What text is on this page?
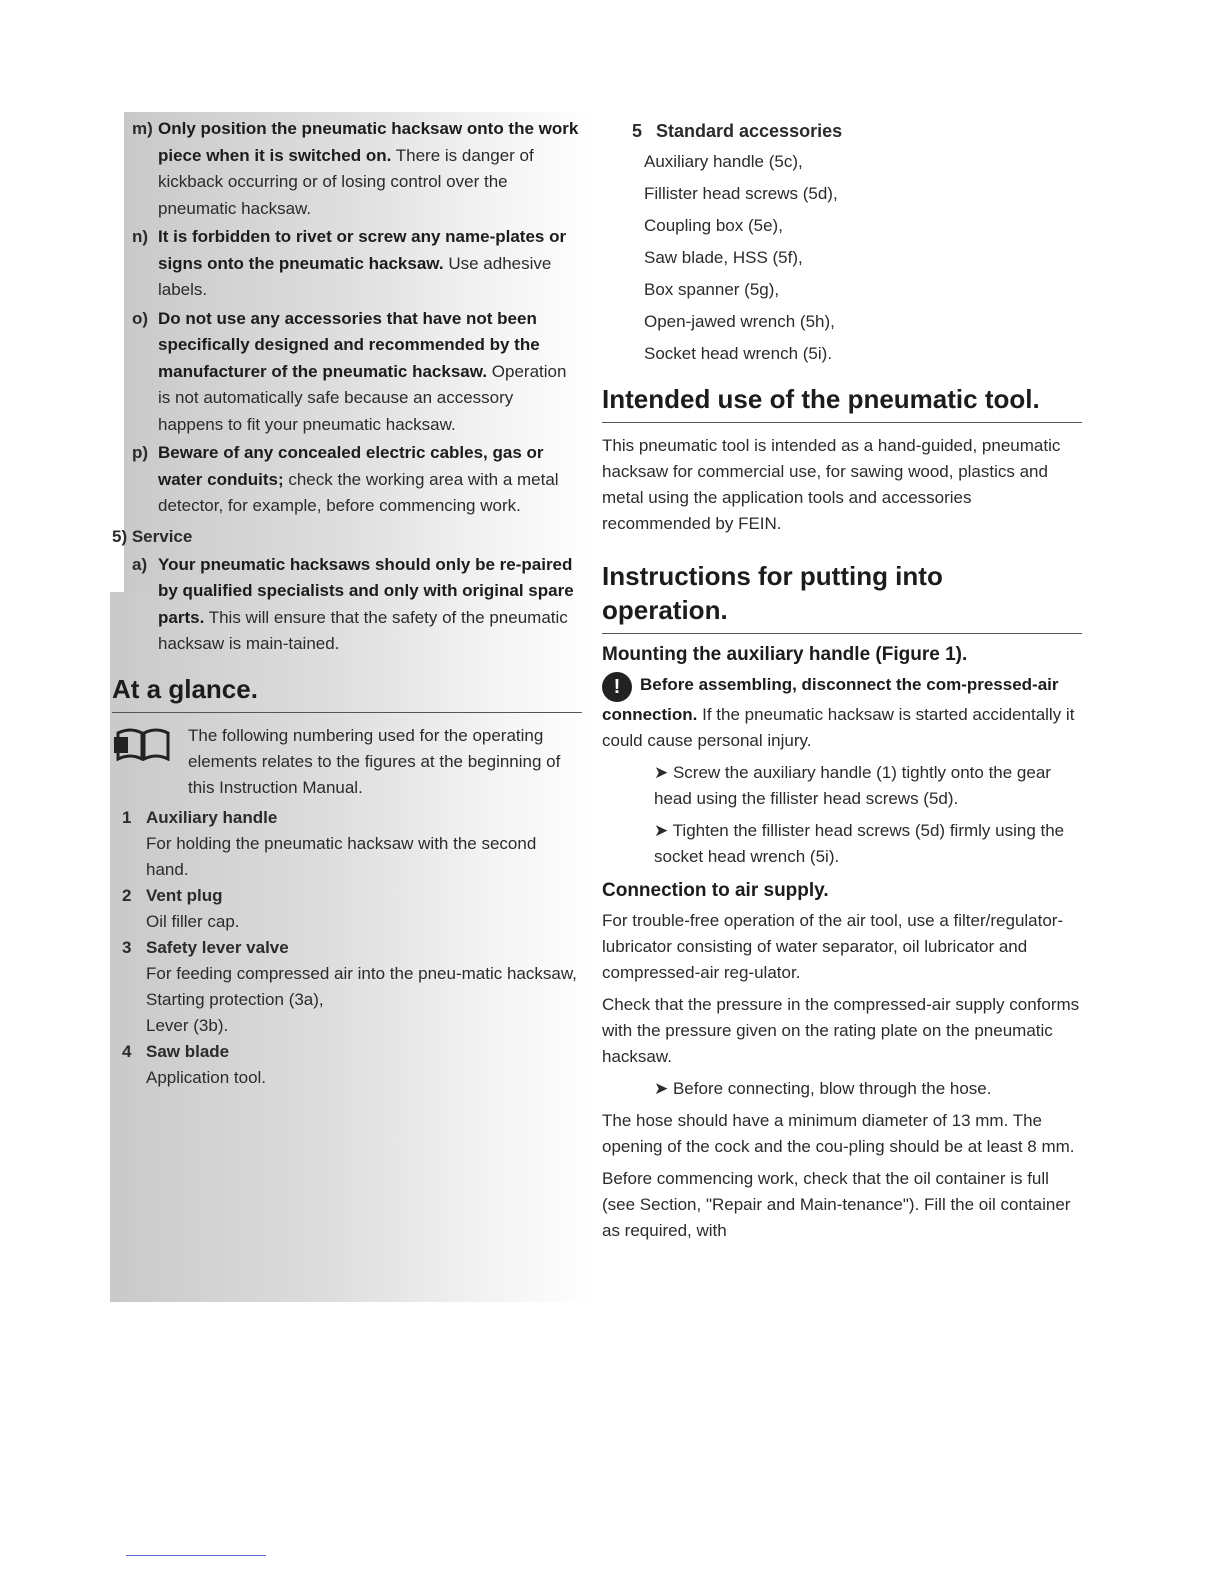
m) Only position the pneumatic hacksaw onto the work piece when it is switched on. There is danger of kickback occurring or of losing control over the pneumatic hacksaw.
n) It is forbidden to rivet or screw any name-plates or signs onto the pneumatic hacksaw. Use adhesive labels.
o) Do not use any accessories that have not been specifically designed and recommended by the manufacturer of the pneumatic hacksaw. Operation is not automatically safe because an accessory happens to fit your pneumatic hacksaw.
p) Beware of any concealed electric cables, gas or water conduits; check the working area with a metal detector, for example, before commencing work.
5) Service
a) Your pneumatic hacksaws should only be re-paired by qualified specialists and only with original spare parts. This will ensure that the safety of the pneumatic hacksaw is main-tained.
At a glance.
The following numbering used for the operating elements relates to the figures at the beginning of this Instruction Manual.
1 Auxiliary handle
For holding the pneumatic hacksaw with the second hand.
2 Vent plug
Oil filler cap.
3 Safety lever valve
For feeding compressed air into the pneu-matic hacksaw,
Starting protection (3a),
Lever (3b).
4 Saw blade
Application tool.
5 Standard accessories
Auxiliary handle (5c),
Fillister head screws (5d),
Coupling box (5e),
Saw blade, HSS (5f),
Box spanner (5g),
Open-jawed wrench (5h),
Socket head wrench (5i).
Intended use of the pneumatic tool.

This pneumatic tool is intended as a hand-guided, pneumatic hacksaw for commercial use, for sawing wood, plastics and metal using the application tools and accessories recommended by FEIN.

Instructions for putting into operation.
Mounting the auxiliary handle (Figure 1).

! Before assembling, disconnect the com-pressed-air connection. If the pneumatic hacksaw is started accidentally it could cause personal injury.

➤ Screw the auxiliary handle (1) tightly onto the gear head using the fillister head screws (5d).

➤ Tighten the fillister head screws (5d) firmly using the socket head wrench (5i).

Connection to air supply.

For trouble-free operation of the air tool, use a filter/regulator-lubricator consisting of water separator, oil lubricator and compressed-air reg-ulator.

Check that the pressure in the compressed-air supply conforms with the pressure given on the rating plate on the pneumatic hacksaw.

➤ Before connecting, blow through the hose.

The hose should have a minimum diameter of 13 mm. The opening of the cock and the cou-pling should be at least 8 mm.

Before commencing work, check that the oil container is full (see Section, "Repair and Main-tenance"). Fill the oil container as required, with
